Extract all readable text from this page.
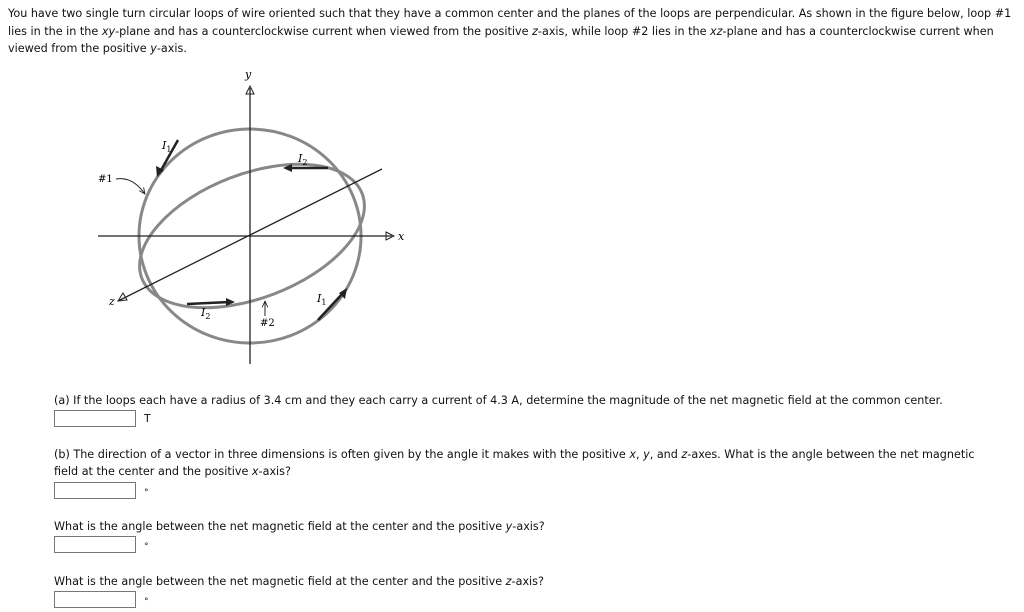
You have two single turn circular loops of wire oriented such that they have a common center and the planes of the loops are perpendicular. As shown in the figure below, loop #1 lies in the in the xy-plane and has a counterclockwise current when viewed from the positive z-axis, while loop #2 lies in the xz-plane and has a counterclockwise current when viewed from the positive y-axis.

y
x
z
#1
#2
$I_1$
$I_2$
$I_2$
$I_1$

(a) If the loops each have a radius of 3.4 cm and they each carry a current of 4.3 A, determine the magnitude of the net magnetic field at the common center.

T

(b) The direction of a vector in three dimensions is often given by the angle it makes with the positive x, y, and z-axes. What is the angle between the net magnetic field at the center and the positive x-axis?

°

What is the angle between the net magnetic field at the center and the positive y-axis?

°

What is the angle between the net magnetic field at the center and the positive z-axis?

°
